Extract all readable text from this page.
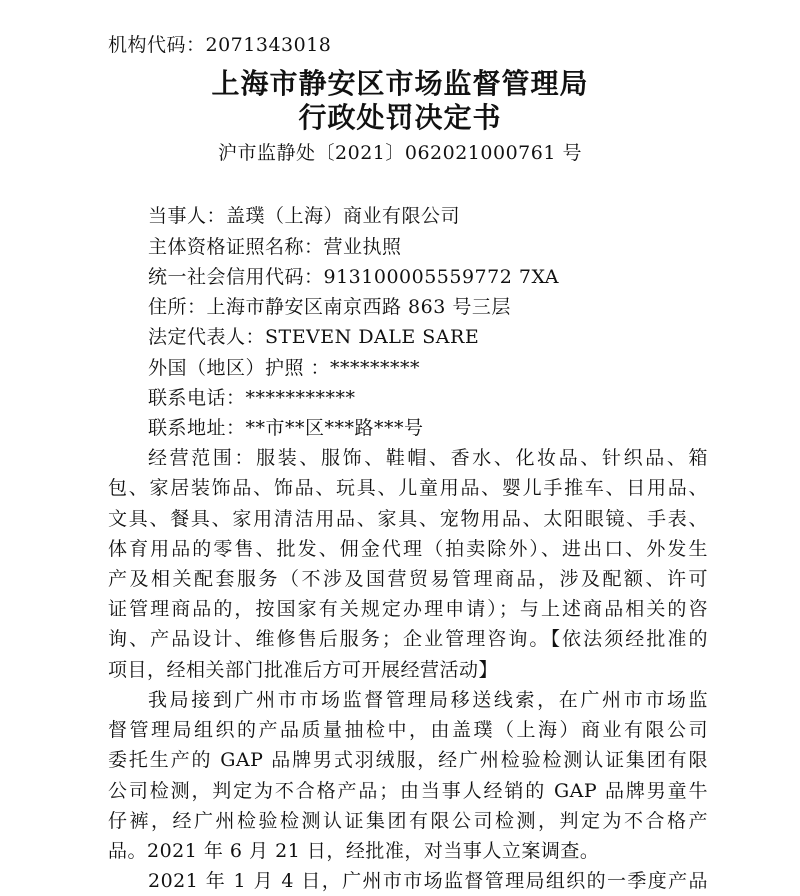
机构代码：2071343018
上海市静安区市场监督管理局
行政处罚决定书
沪市监静处〔2021〕062021000761 号
当事人：盖璞（上海）商业有限公司
主体资格证照名称：营业执照
统一社会信用代码：913100005559772 7XA
住所：上海市静安区南京西路 863 号三层
法定代表人：STEVEN DALE SARE
外国（地区）护照 ：*********
联系电话：***********
联系地址：**市**区***路***号
经营范围：服装、服饰、鞋帽、香水、化妆品、针织品、箱
包、家居装饰品、饰品、玩具、儿童用品、婴儿手推车、日用品、
文具、餐具、家用清洁用品、家具、宠物用品、太阳眼镜、手表、
体育用品的零售、批发、佣金代理（拍卖除外）、进出口、外发生
产及相关配套服务（不涉及国营贸易管理商品，涉及配额、许可
证管理商品的，按国家有关规定办理申请）；与上述商品相关的咨
询、产品设计、维修售后服务；企业管理咨询。【依法须经批准的
项目，经相关部门批准后方可开展经营活动】
我局接到广州市市场监督管理局移送线索，在广州市市场监
督管理局组织的产品质量抽检中，由盖璞（上海）商业有限公司
委托生产的 GAP 品牌男式羽绒服，经广州检验检测认证集团有限
公司检测，判定为不合格产品；由当事人经销的 GAP 品牌男童牛
仔裤，经广州检验检测认证集团有限公司检测，判定为不合格产
品。2021 年 6 月 21 日，经批准，对当事人立案调查。
2021 年 1 月 4 日，广州市市场监督管理局组织的一季度产品
